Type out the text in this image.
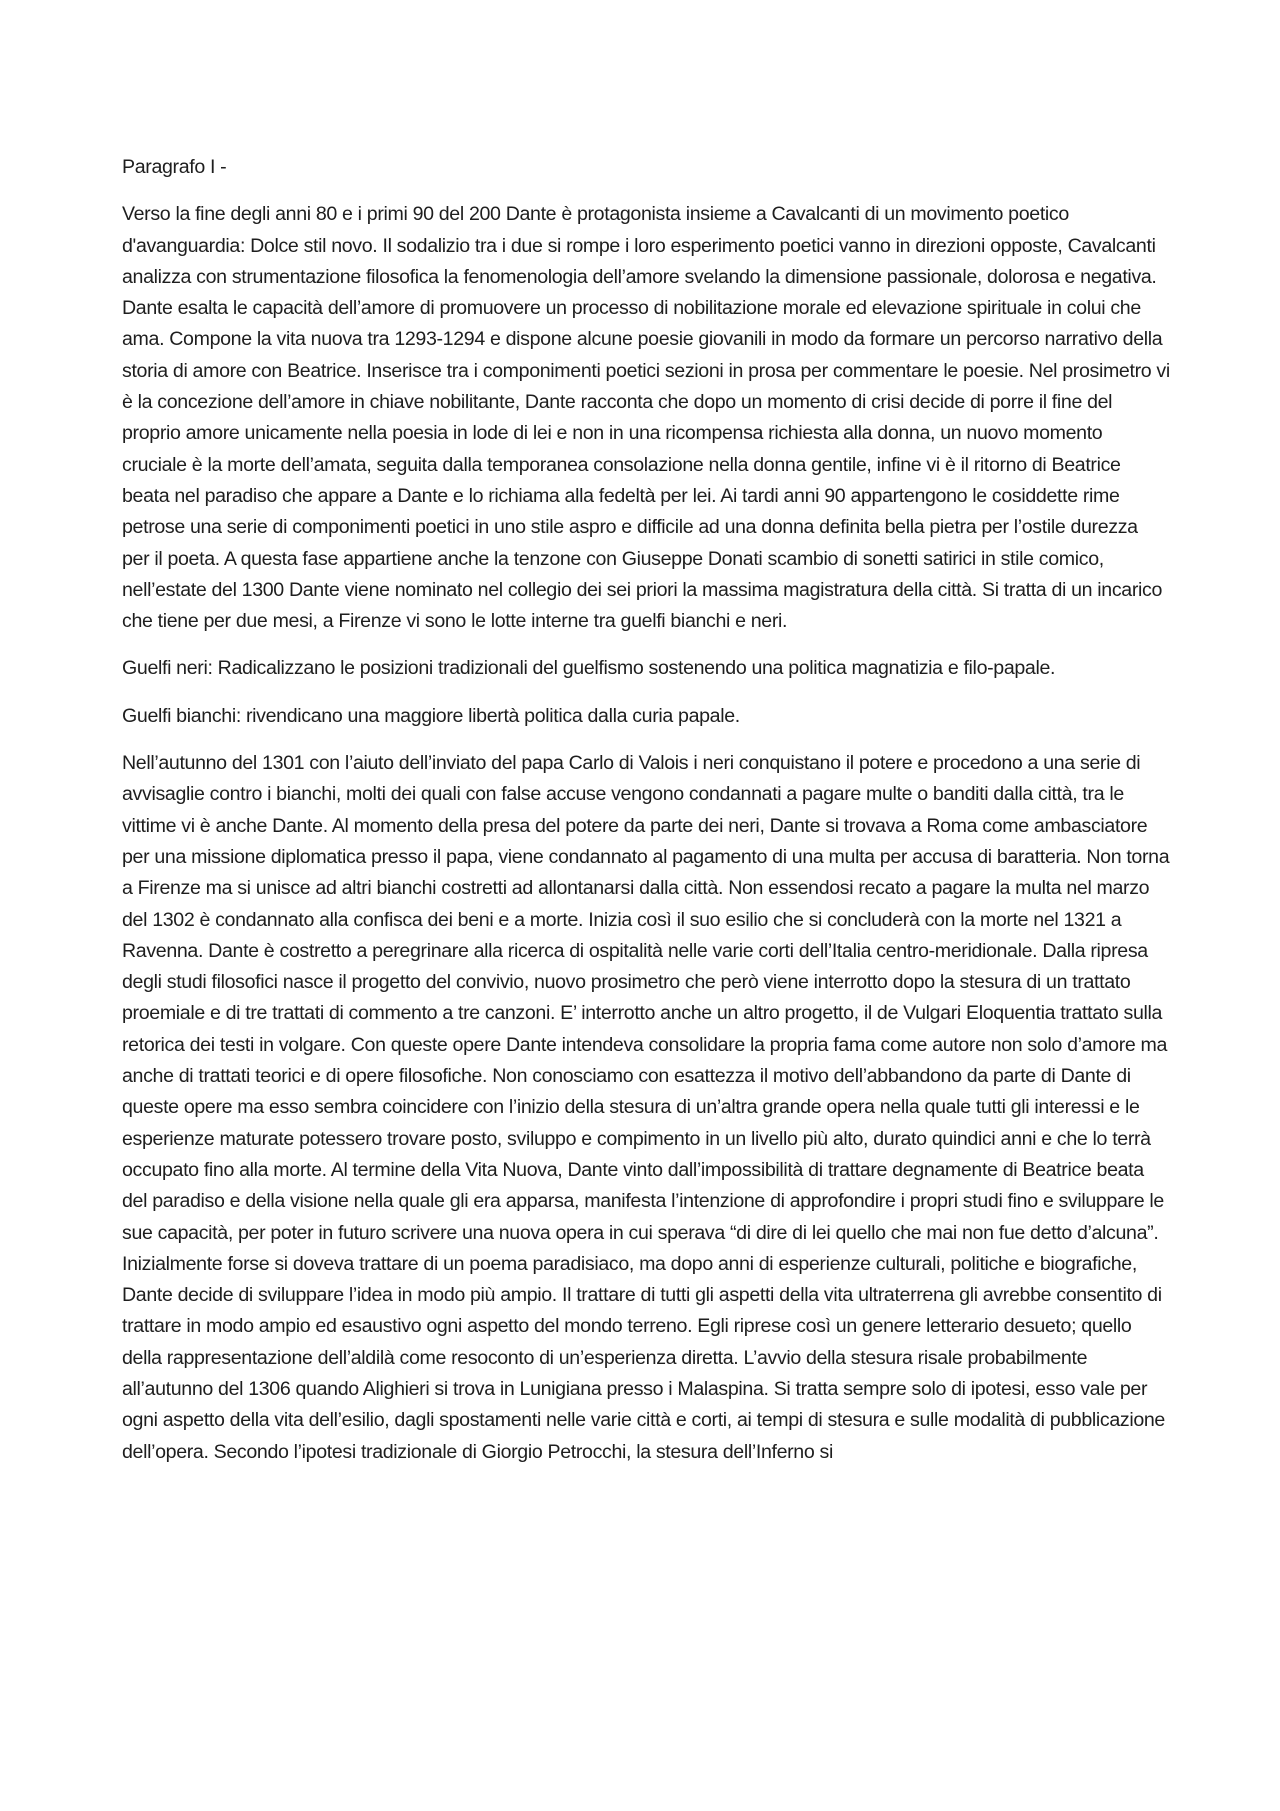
Paragrafo I -

Verso la fine degli anni 80 e i primi 90 del 200 Dante è protagonista insieme a Cavalcanti di un movimento poetico d'avanguardia: Dolce stil novo. Il sodalizio tra i due si rompe i loro esperimento poetici vanno in direzioni opposte, Cavalcanti analizza con strumentazione filosofica la fenomenologia dell’amore svelando la dimensione passionale, dolorosa e negativa. Dante esalta le capacità dell’amore di promuovere un processo di nobilitazione morale ed elevazione spirituale in colui che ama. Compone la vita nuova tra 1293-1294 e dispone alcune poesie giovanili in modo da formare un percorso narrativo della storia di amore con Beatrice. Inserisce tra i componimenti poetici sezioni in prosa per commentare le poesie. Nel prosimetro vi è la concezione dell’amore in chiave nobilitante, Dante racconta che dopo un momento di crisi decide di porre il fine del proprio amore unicamente nella poesia in lode di lei e non in una ricompensa richiesta alla donna, un nuovo momento cruciale è la morte dell’amata, seguita dalla temporanea consolazione nella donna gentile, infine vi è il ritorno di Beatrice beata nel paradiso che appare a Dante e lo richiama alla fedeltà per lei. Ai tardi anni 90 appartengono le cosiddette rime petrose una serie di componimenti poetici in uno stile aspro e difficile ad una donna definita bella pietra per l’ostile durezza per il poeta. A questa fase appartiene anche la tenzone con Giuseppe Donati scambio di sonetti satirici in stile comico, nell’estate del 1300 Dante viene nominato nel collegio dei sei priori la massima magistratura della città. Si tratta di un incarico che tiene per due mesi, a Firenze vi sono le lotte interne tra guelfi bianchi e neri.

Guelfi neri: Radicalizzano le posizioni tradizionali del guelfismo sostenendo una politica magnatizia e filo-papale.

Guelfi bianchi: rivendicano una maggiore libertà politica dalla curia papale.

Nell’autunno del 1301 con l’aiuto dell’inviato del papa Carlo di Valois i neri conquistano il potere e procedono a una serie di avvisaglie contro i bianchi, molti dei quali con false accuse vengono condannati a pagare multe o banditi dalla città, tra le vittime vi è anche Dante. Al momento della presa del potere da parte dei neri, Dante si trovava a Roma come ambasciatore per una missione diplomatica presso il papa, viene condannato al pagamento di una multa per accusa di baratteria. Non torna a Firenze ma si unisce ad altri bianchi costretti ad allontanarsi dalla città. Non essendosi recato a pagare la multa nel marzo del 1302 è condannato alla confisca dei beni e a morte. Inizia così il suo esilio che si concluderà con la morte nel 1321 a Ravenna. Dante è costretto a peregrinare alla ricerca di ospitalità nelle varie corti dell’Italia centro-meridionale. Dalla ripresa degli studi filosofici nasce il progetto del convivio, nuovo prosimetro che però viene interrotto dopo la stesura di un trattato proemiale e di tre trattati di commento a tre canzoni. E’ interrotto anche un altro progetto, il de Vulgari Eloquentia trattato sulla retorica dei testi in volgare. Con queste opere Dante intendeva consolidare la propria fama come autore non solo d’amore ma anche di trattati teorici e di opere filosofiche. Non conosciamo con esattezza il motivo dell’abbandono da parte di Dante di queste opere ma esso sembra coincidere con l’inizio della stesura di un’altra grande opera nella quale tutti gli interessi e le esperienze maturate potessero trovare posto, sviluppo e compimento in un livello più alto, durato quindici anni e che lo terrà occupato fino alla morte. Al termine della Vita Nuova, Dante vinto dall’impossibilità di trattare degnamente di Beatrice beata del paradiso e della visione nella quale gli era apparsa, manifesta l’intenzione di approfondire i propri studi fino e sviluppare le sue capacità, per poter in futuro scrivere una nuova opera in cui sperava “di dire di lei quello che mai non fue detto d’alcuna”. Inizialmente forse si doveva trattare di un poema paradisiaco, ma dopo anni di esperienze culturali, politiche e biografiche, Dante decide di sviluppare l’idea in modo più ampio. Il trattare di tutti gli aspetti della vita ultraterrena gli avrebbe consentito di trattare in modo ampio ed esaustivo ogni aspetto del mondo terreno. Egli riprese così un genere letterario desueto; quello della rappresentazione dell’aldilà come resoconto di un’esperienza diretta. L’avvio della stesura risale probabilmente all’autunno del 1306 quando Alighieri si trova in Lunigiana presso i Malaspina. Si tratta sempre solo di ipotesi, esso vale per ogni aspetto della vita dell’esilio, dagli spostamenti nelle varie città e corti, ai tempi di stesura e sulle modalità di pubblicazione dell’opera. Secondo l’ipotesi tradizionale di Giorgio Petrocchi, la stesura dell’Inferno si
